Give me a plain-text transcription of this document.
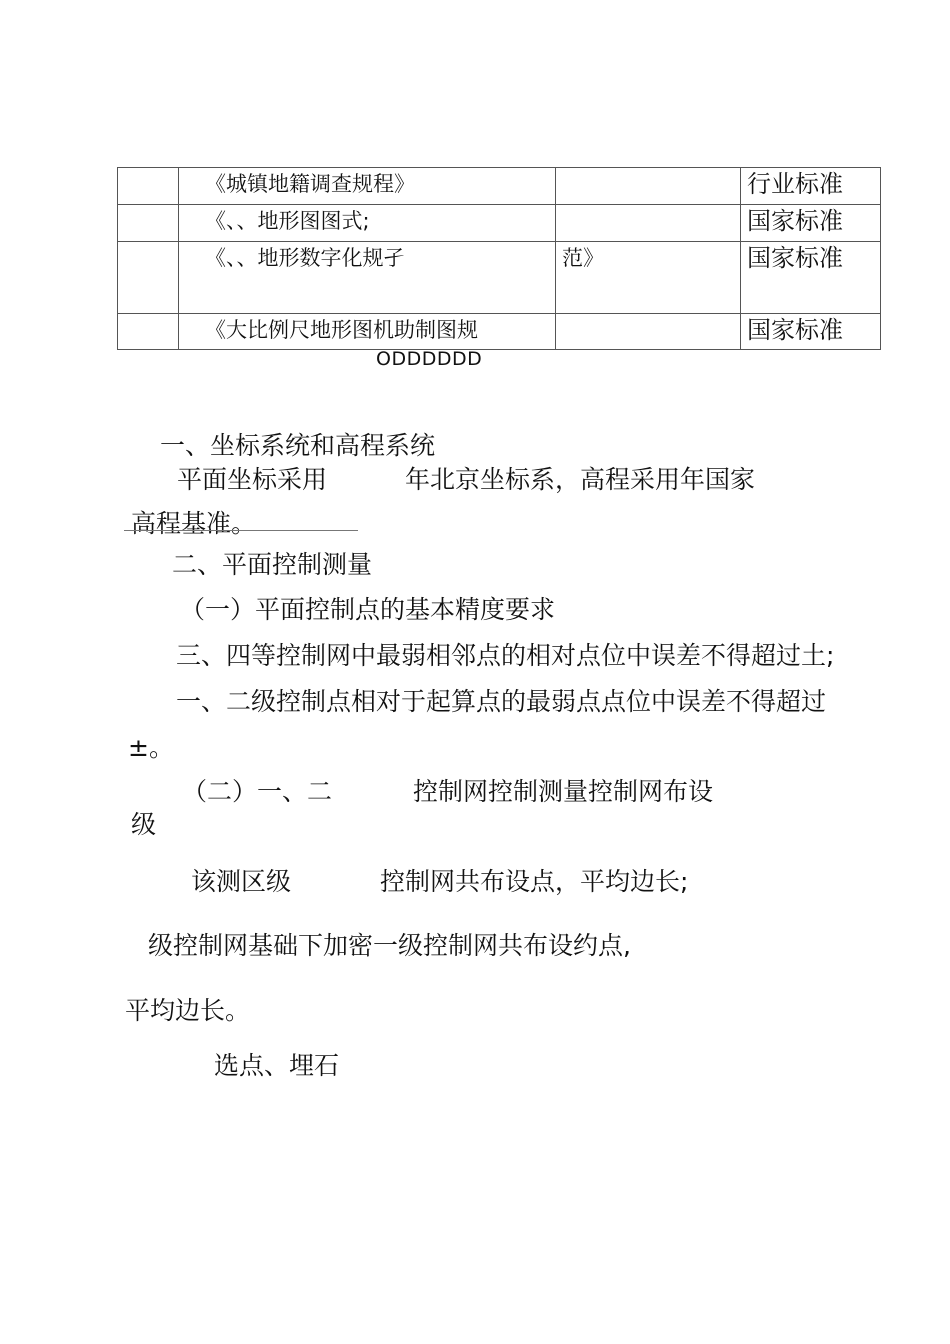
	《城镇地籍调查规程》		行业标准
	《、、地形图图式;		国家标准
	《、、地形数字化规孑	范》	国家标准
	《大比例尺地形图机助制图规		国家标准
ODDDDDD
一、坐标系统和高程系统
平面坐标采用	年北京坐标系，高程采用年国家
高程基准。
二、平面控制测量
（一）平面控制点的基本精度要求
三、四等控制网中最弱相邻点的相对点位中误差不得超过土;
一、二级控制点相对于起算点的最弱点点位中误差不得超过
±。
（二）一、二	控制网控制测量控制网布设
级
该测区级	控制网共布设点，平均边长;
级控制网基础下加密一级控制网共布设约点,
平均边长。
选点、埋石
